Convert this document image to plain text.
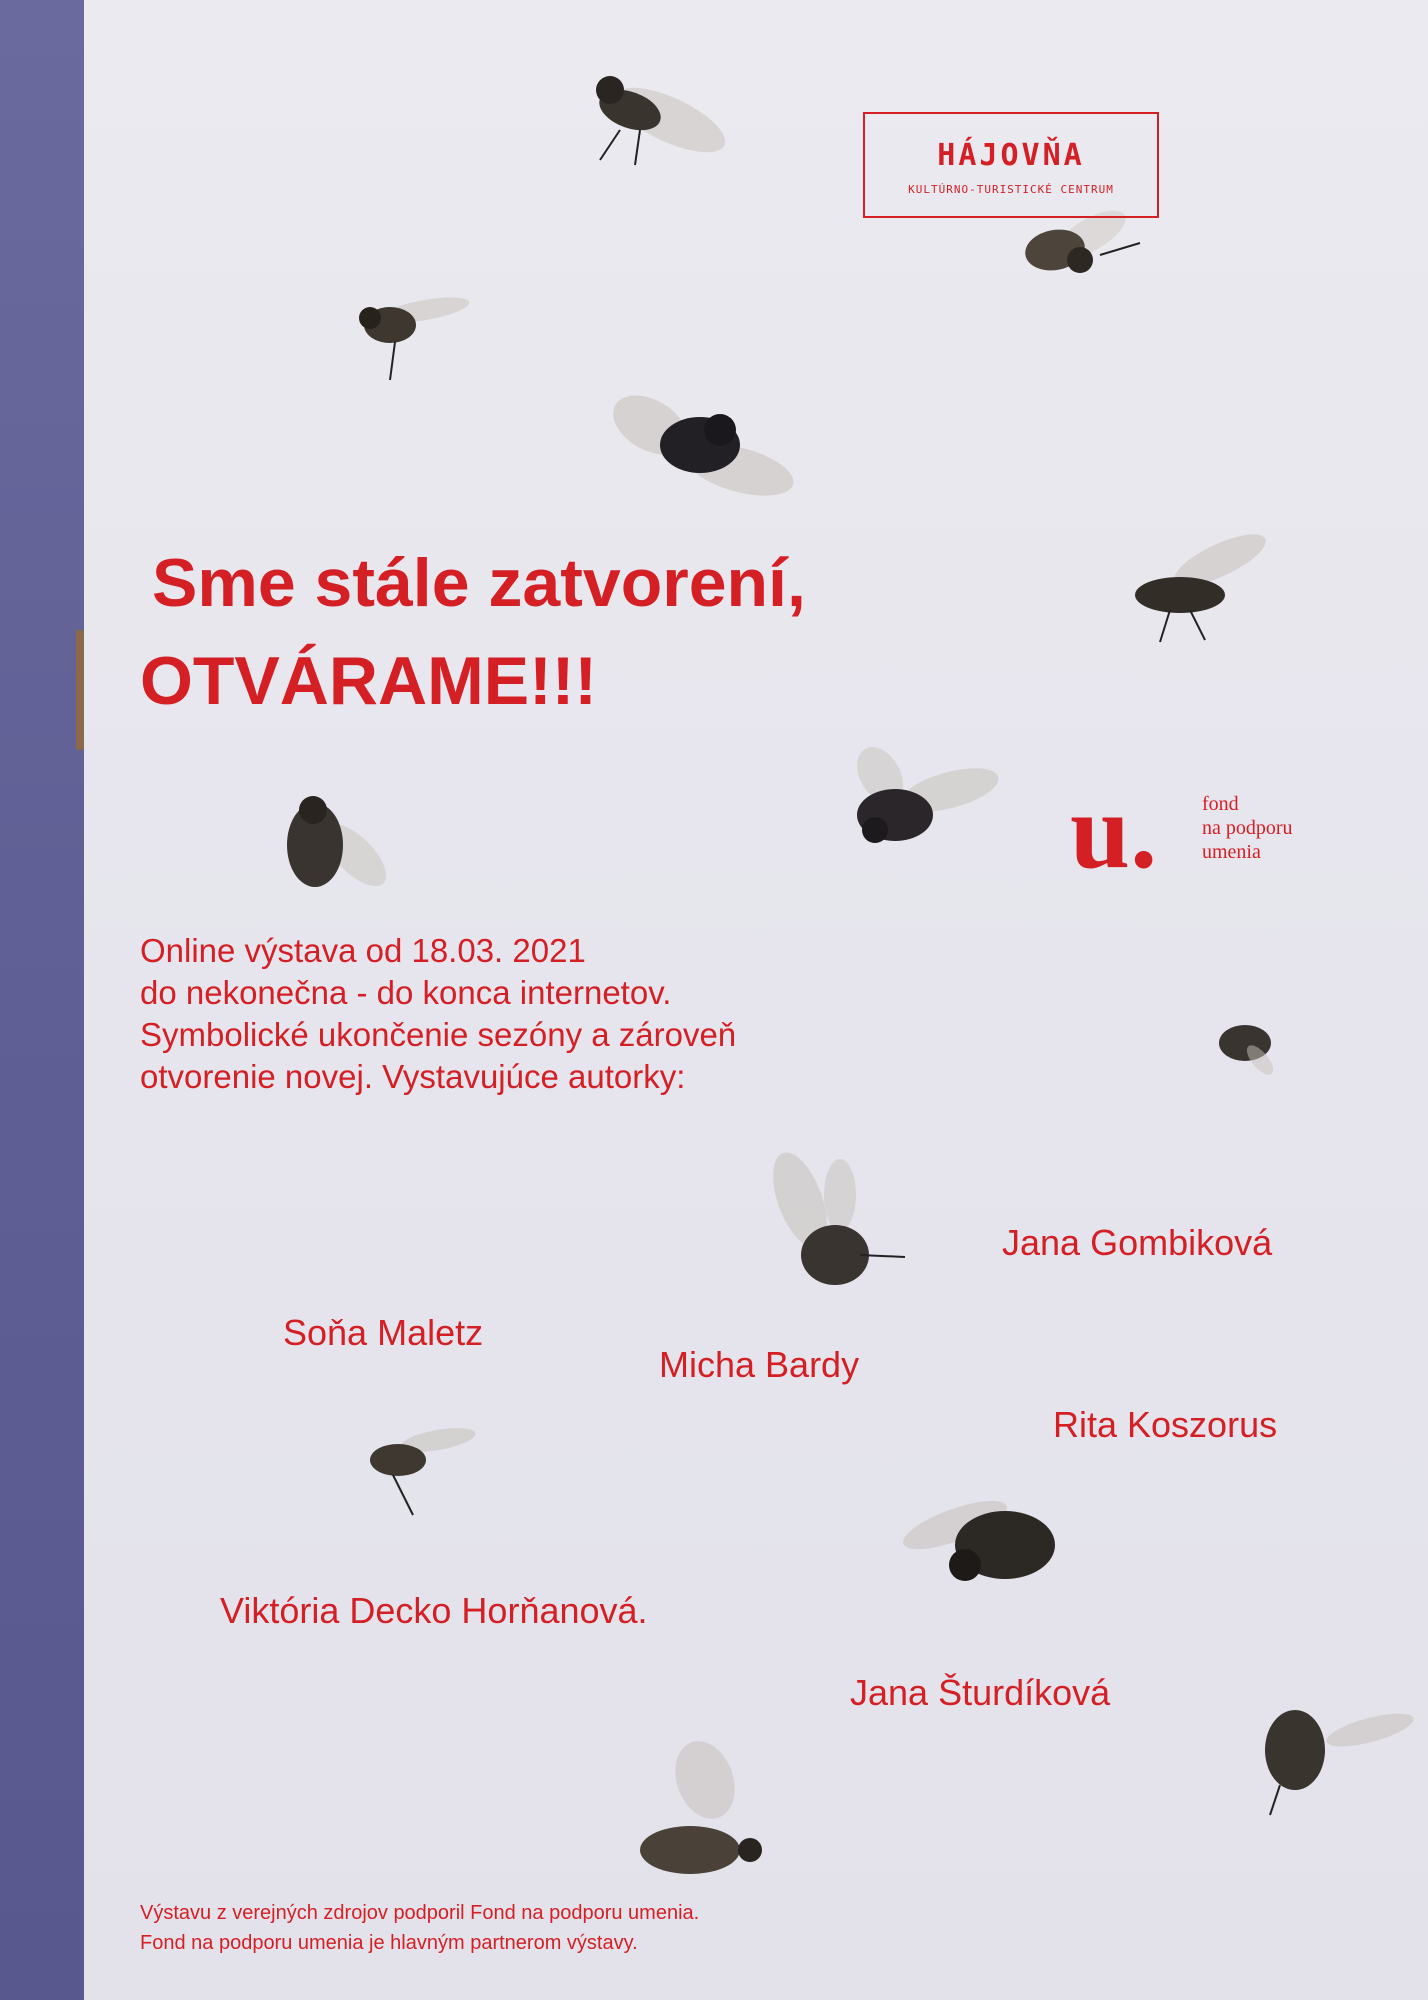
HÁJOVŇA
KULTÚRNO-TURISTICKÉ CENTRUM
Sme stále zatvorení,
OTVÁRAME!!!
u. fond
na podporu
umenia
Online výstava od 18.03. 2021
do nekonečna - do konca internetov.
Symbolické ukončenie sezóny a zároveň
otvorenie novej. Vystavujúce autorky:
Jana Gombiková
Soňa Maletz
Micha Bardy
Rita Koszorus
Viktória Decko Horňanová.
Jana Šturdíková
Výstavu z verejných zdrojov podporil Fond na podporu umenia.
Fond na podporu umenia je hlavným partnerom výstavy.
